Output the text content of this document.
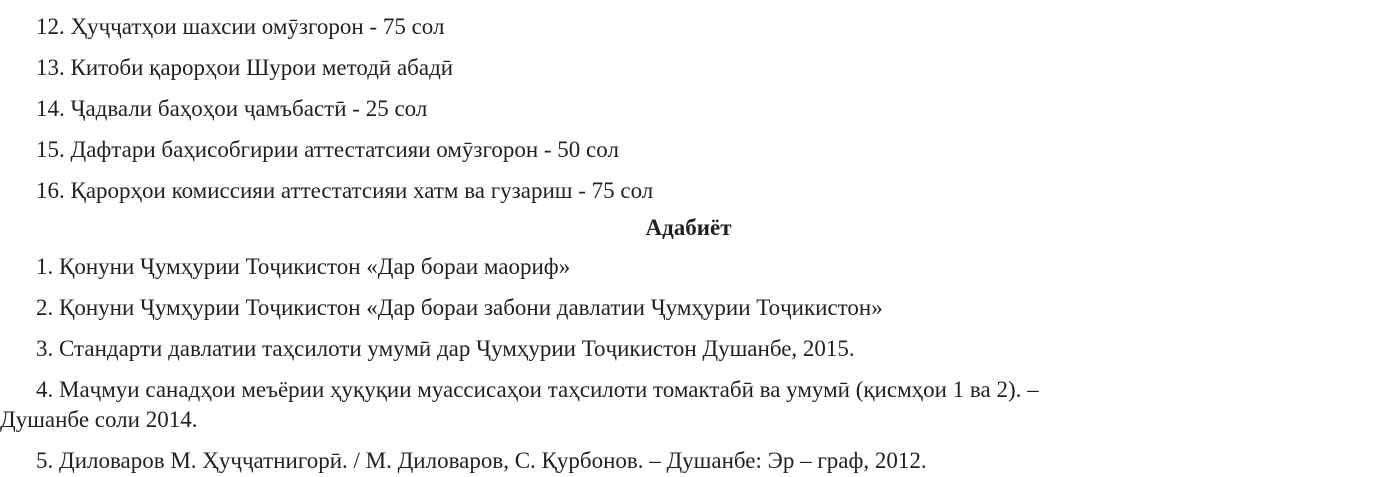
12. Ҳуҷҷатҳои шахсии омӯзгорон - 75 сол
13. Китоби қарорҳои Шурои методӣ абадӣ
14. Ҷадвали баҳоҳои ҷамъбастӣ - 25 сол
15. Дафтари баҳисобгирии аттестатсияи омӯзгорон - 50 сол
16. Қарорҳои комиссияи аттестатсияи хатм ва гузариш - 75 сол
Адабиёт
1. Қонуни Ҷумҳурии Тоҷикистон «Дар бораи маориф»
2. Қонуни Ҷумҳурии Тоҷикистон «Дар бораи забони давлатии Ҷумҳурии Тоҷикистон»
3. Стандарти давлатии таҳсилоти умумӣ дар Ҷумҳурии Тоҷикистон Душанбе, 2015.
4. Маҷмуи санадҳои меъёрии ҳуқуқии муассисаҳои таҳсилоти томактабӣ ва умумӣ (қисмҳои 1 ва 2). –
Душанбе соли 2014.
5. Диловаров М. Ҳуҷҷатнигорӣ. / М. Диловаров, С. Қурбонов. – Душанбе: Эр – граф, 2012.
